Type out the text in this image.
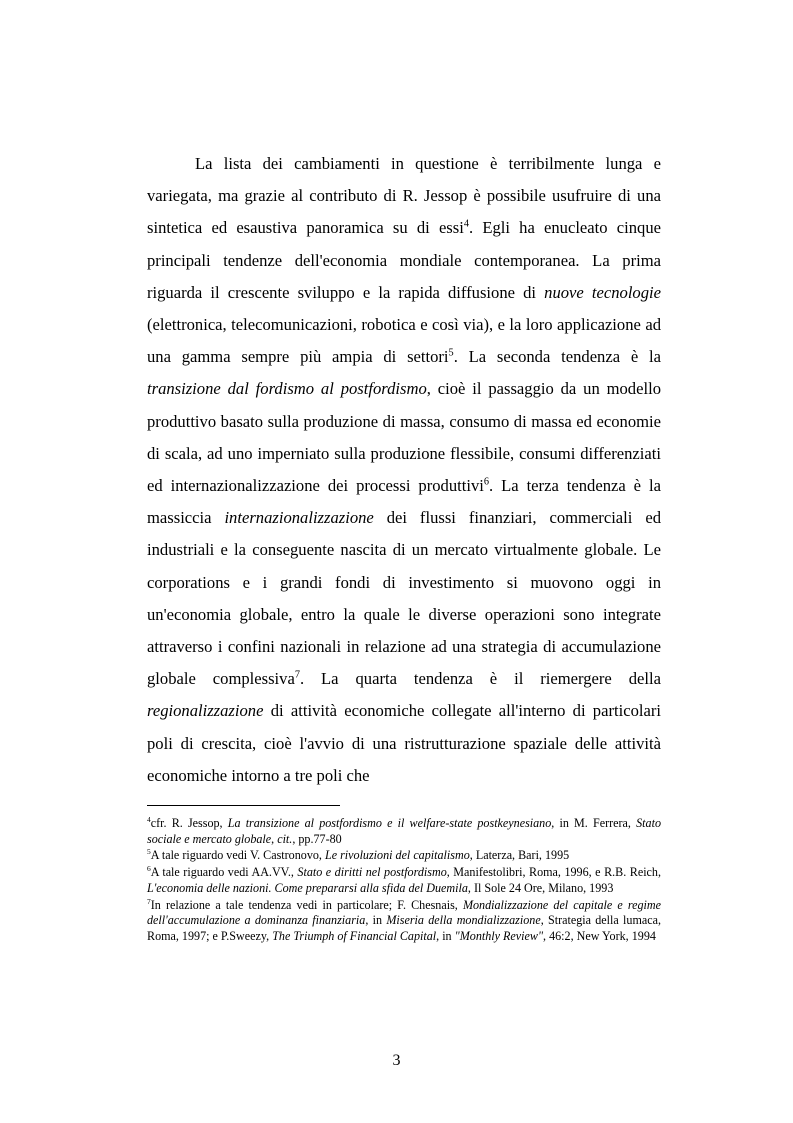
La lista dei cambiamenti in questione è terribilmente lunga e variegata, ma grazie al contributo di R. Jessop è possibile usufruire di una sintetica ed esaustiva panoramica su di essi$^4$. Egli ha enucleato cinque principali tendenze dell'economia mondiale contemporanea. La prima riguarda il crescente sviluppo e la rapida diffusione di nuove tecnologie (elettronica, telecomunicazioni, robotica e così via), e la loro applicazione ad una gamma sempre più ampia di settori$^5$. La seconda tendenza è la transizione dal fordismo al postfordismo, cioè il passaggio da un modello produttivo basato sulla produzione di massa, consumo di massa ed economie di scala, ad uno imperniato sulla produzione flessibile, consumi differenziati ed internazionalizzazione dei processi produttivi$^6$. La terza tendenza è la massiccia internazionalizzazione dei flussi finanziari, commerciali ed industriali e la conseguente nascita di un mercato virtualmente globale. Le corporations e i grandi fondi di investimento si muovono oggi in un'economia globale, entro la quale le diverse operazioni sono integrate attraverso i confini nazionali in relazione ad una strategia di accumulazione globale complessiva$^7$. La quarta tendenza è il riemergere della regionalizzazione di attività economiche collegate all'interno di particolari poli di crescita, cioè l'avvio di una ristrutturazione spaziale delle attività economiche intorno a tre poli che

$^4$cfr. R. Jessop, La transizione al postfordismo e il welfare-state postkeynesiano, in M. Ferrera, Stato sociale e mercato globale, cit., pp.77-80

$^5$A tale riguardo vedi V. Castronovo, Le rivoluzioni del capitalismo, Laterza, Bari, 1995

$^6$A tale riguardo vedi AA.VV., Stato e diritti nel postfordismo, Manifestolibri, Roma, 1996, e R.B. Reich, L'economia delle nazioni. Come prepararsi alla sfida del Duemila, Il Sole 24 Ore, Milano, 1993

$^7$In relazione a tale tendenza vedi in particolare; F. Chesnais, Mondializzazione del capitale e regime dell'accumulazione a dominanza finanziaria, in Miseria della mondializzazione, Strategia della lumaca, Roma, 1997; e P.Sweezy, The Triumph of Financial Capital, in "Monthly Review", 46:2, New York, 1994

3
